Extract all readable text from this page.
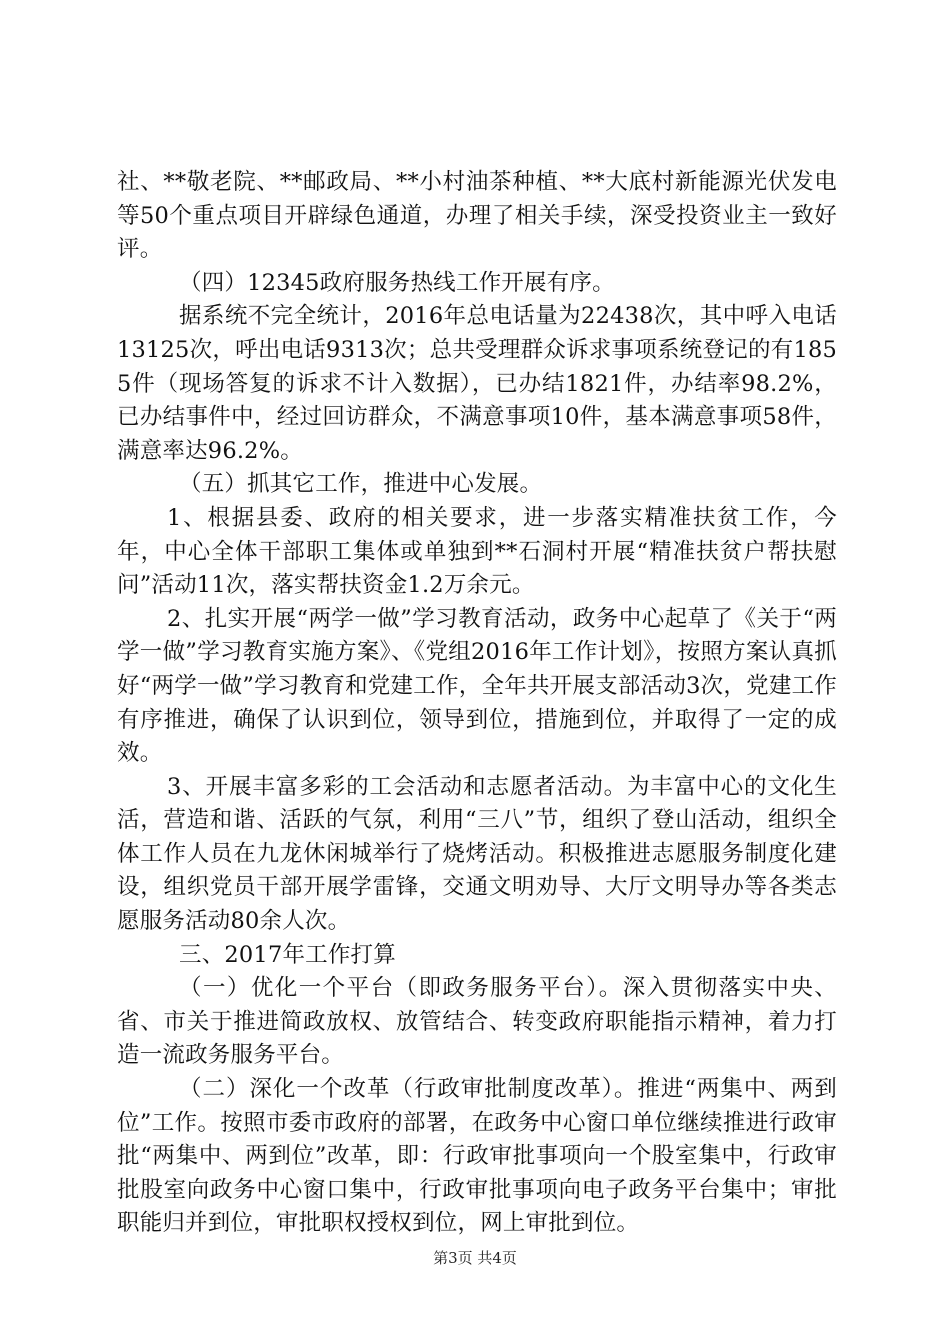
社、**敬老院、**邮政局、**小村油茶种植、**大底村新能源光伏发电等50个重点项目开辟绿色通道，办理了相关手续，深受投资业主一致好评。

（四）12345政府服务热线工作开展有序。

据系统不完全统计，2016年总电话量为22438次，其中呼入电话13125次，呼出电话9313次；总共受理群众诉求事项系统登记的有1855件（现场答复的诉求不计入数据），已办结1821件，办结率98.2%，已办结事件中，经过回访群众，不满意事项10件，基本满意事项58件，满意率达96.2%。

（五）抓其它工作，推进中心发展。

1、根据县委、政府的相关要求，进一步落实精准扶贫工作，今年，中心全体干部职工集体或单独到**石洞村开展“精准扶贫户帮扶慰问”活动11次，落实帮扶资金1.2万余元。

2、扎实开展“两学一做”学习教育活动，政务中心起草了《关于“两学一做”学习教育实施方案》、《党组2016年工作计划》，按照方案认真抓好“两学一做”学习教育和党建工作，全年共开展支部活动3次，党建工作有序推进，确保了认识到位，领导到位，措施到位，并取得了一定的成效。

3、开展丰富多彩的工会活动和志愿者活动。为丰富中心的文化生活，营造和谐、活跃的气氛，利用“三八”节，组织了登山活动，组织全体工作人员在九龙休闲城举行了烧烤活动。积极推进志愿服务制度化建设，组织党员干部开展学雷锋，交通文明劝导、大厅文明导办等各类志愿服务活动80余人次。

三、2017年工作打算

（一）优化一个平台（即政务服务平台）。深入贯彻落实中央、省、市关于推进简政放权、放管结合、转变政府职能指示精神，着力打造一流政务服务平台。

（二）深化一个改革（行政审批制度改革）。推进“两集中、两到位”工作。按照市委市政府的部署，在政务中心窗口单位继续推进行政审批“两集中、两到位”改革，即：行政审批事项向一个股室集中，行政审批股室向政务中心窗口集中，行政审批事项向电子政务平台集中；审批职能归并到位，审批职权授权到位，网上审批到位。

第3页 共4页
